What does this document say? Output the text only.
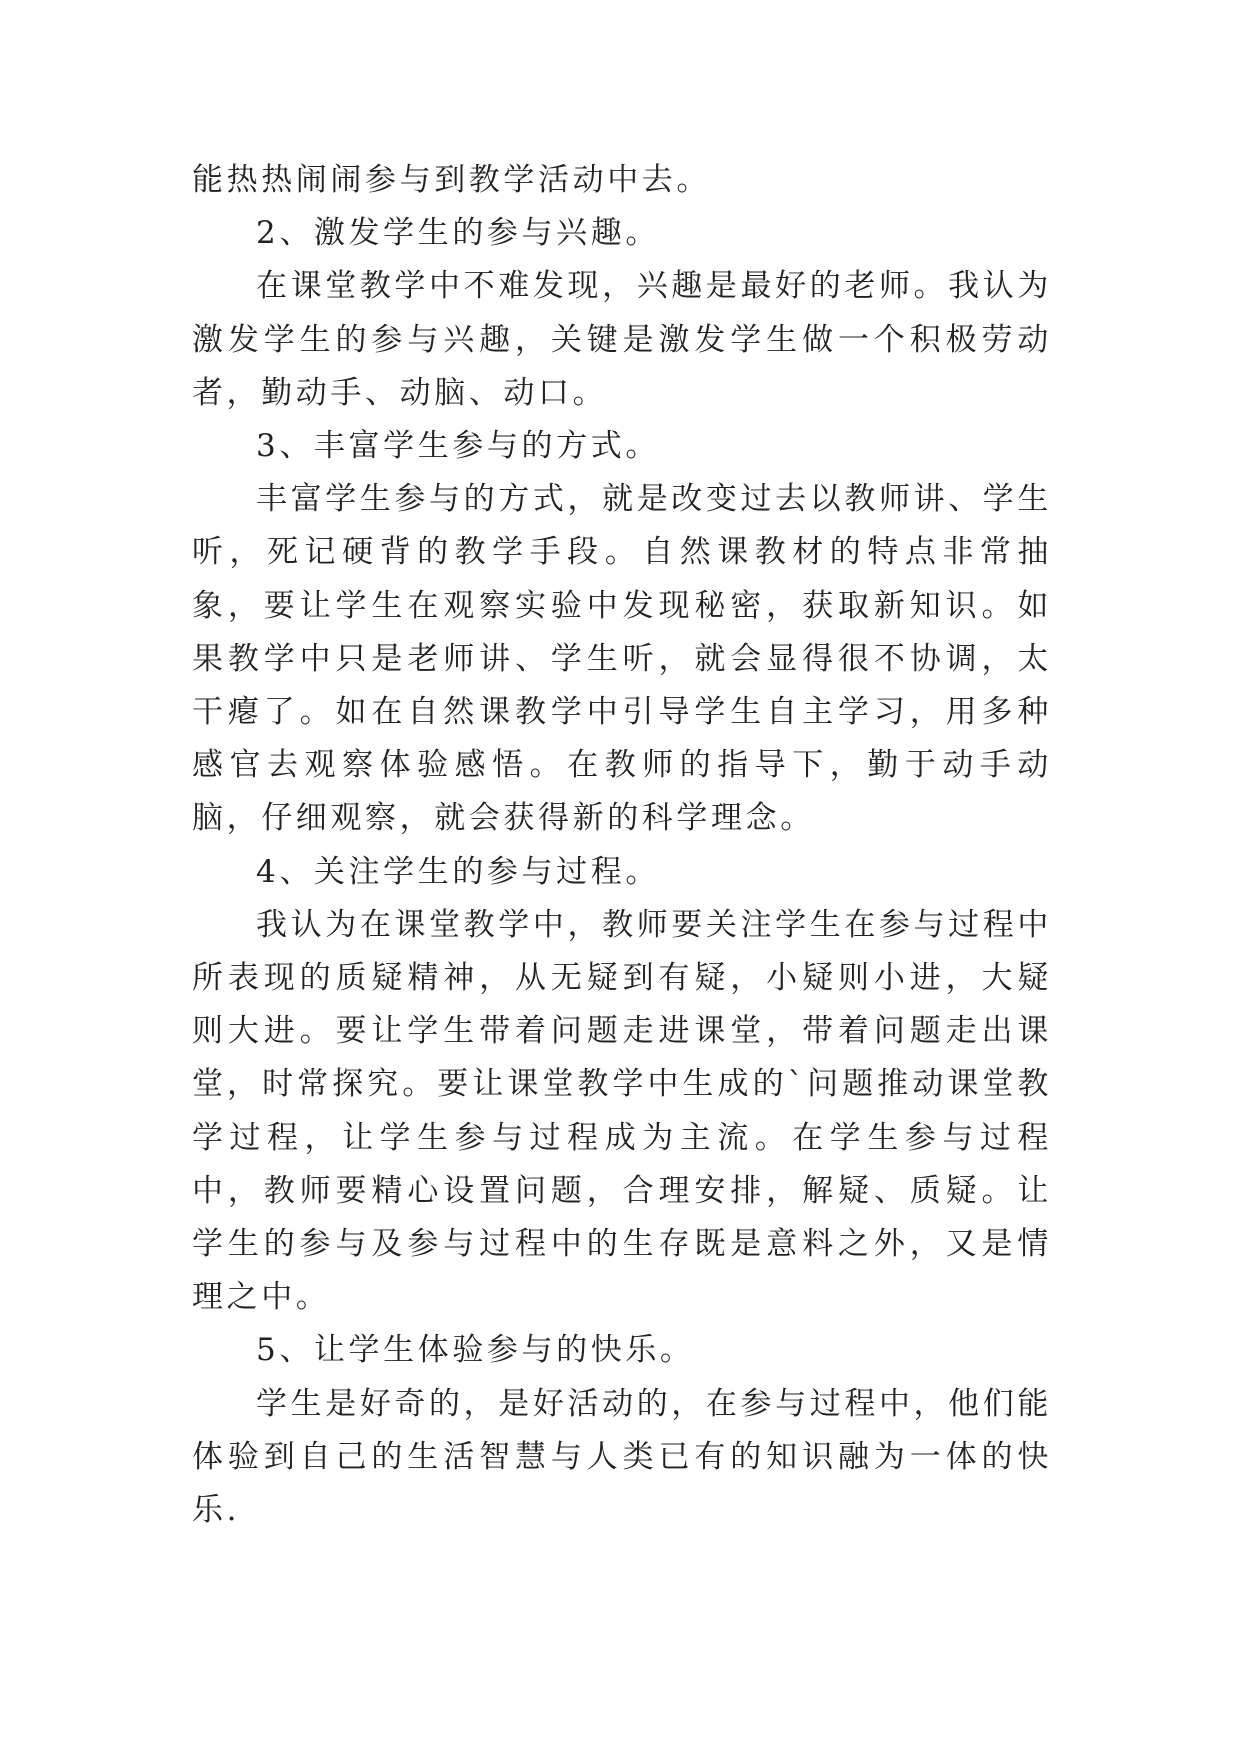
能热热闹闹参与到教学活动中去。

2、激发学生的参与兴趣。

在课堂教学中不难发现，兴趣是最好的老师。我认为激发学生的参与兴趣，关键是激发学生做一个积极劳动者，勤动手、动脑、动口。

3、丰富学生参与的方式。

丰富学生参与的方式，就是改变过去以教师讲、学生听，死记硬背的教学手段。自然课教材的特点非常抽象，要让学生在观察实验中发现秘密，获取新知识。如果教学中只是老师讲、学生听，就会显得很不协调，太干瘪了。如在自然课教学中引导学生自主学习，用多种感官去观察体验感悟。在教师的指导下，勤于动手动脑，仔细观察，就会获得新的科学理念。

4、关注学生的参与过程。

我认为在课堂教学中，教师要关注学生在参与过程中所表现的质疑精神，从无疑到有疑，小疑则小进，大疑则大进。要让学生带着问题走进课堂，带着问题走出课堂，时常探究。要让课堂教学中生成的`问题推动课堂教学过程，让学生参与过程成为主流。在学生参与过程中，教师要精心设置问题，合理安排，解疑、质疑。让学生的参与及参与过程中的生存既是意料之外，又是情理之中。

5、让学生体验参与的快乐。

学生是好奇的，是好活动的，在参与过程中，他们能体验到自己的生活智慧与人类已有的知识融为一体的快乐.
